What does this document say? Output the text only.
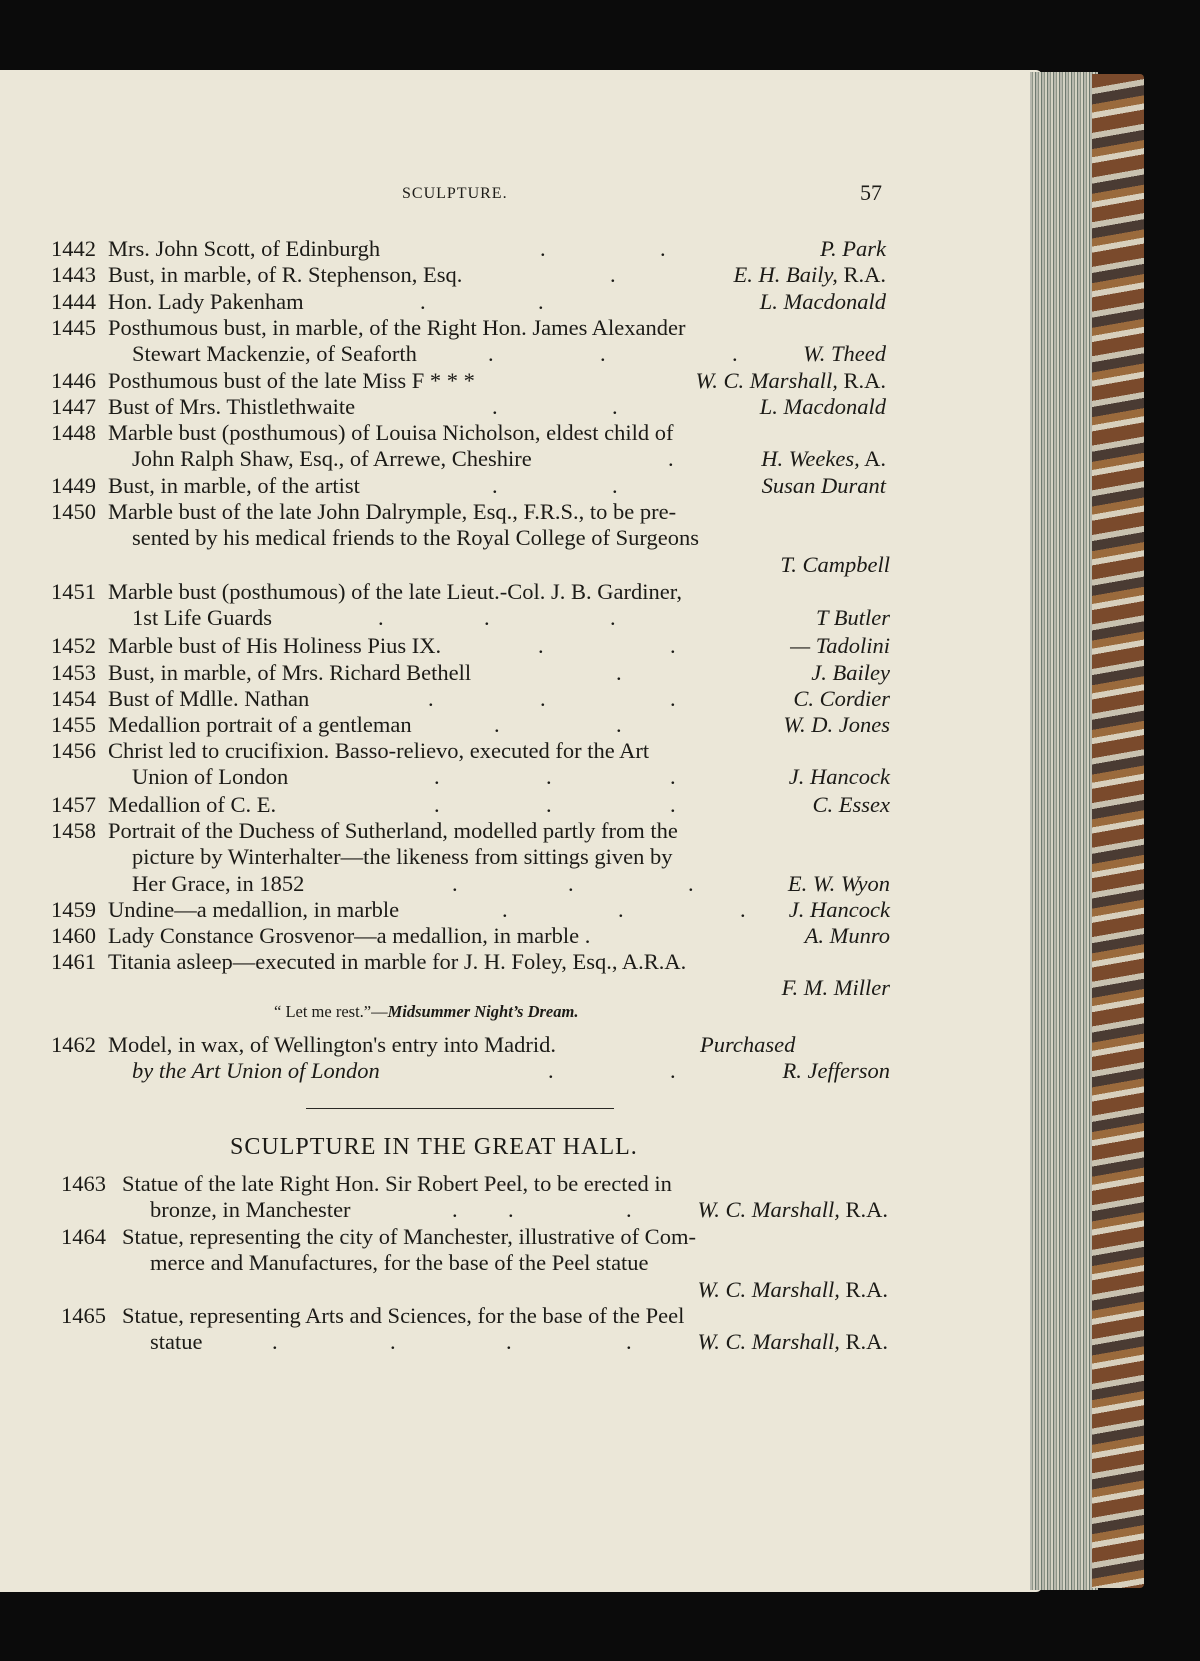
SCULPTURE.	57
1442 Mrs. John Scott, of Edinburgh	P. Park
.	.
1443 Bust, in marble, of R. Stephenson, Esq.	E. H. Baily, R.A.
.
1444 Hon. Lady Pakenham	L. Macdonald
.	.
1445 Posthumous bust, in marble, of the Right Hon. James Alexander
Stewart Mackenzie, of Seaforth	W. Theed
.	.	.
1446 Posthumous bust of the late Miss F * * *	W. C. Marshall, R.A.
1447 Bust of Mrs. Thistlethwaite	L. Macdonald
.	.
1448 Marble bust (posthumous) of Louisa Nicholson, eldest child of
John Ralph Shaw, Esq., of Arrewe, Cheshire	H. Weekes, A.
.
1449 Bust, in marble, of the artist	Susan Durant
.	.
1450 Marble bust of the late John Dalrymple, Esq., F.R.S., to be pre-
sented by his medical friends to the Royal College of Surgeons
T. Campbell
1451 Marble bust (posthumous) of the late Lieut.-Col. J. B. Gardiner,
1st Life Guards	T Butler
.	.	.
1452 Marble bust of His Holiness Pius IX.	— Tadolini
.	.
1453 Bust, in marble, of Mrs. Richard Bethell	J. Bailey
.
1454 Bust of Mdlle. Nathan	C. Cordier
.	.	.
1455 Medallion portrait of a gentleman	W. D. Jones
.	.
1456 Christ led to crucifixion. Basso-relievo, executed for the Art
Union of London	J. Hancock
.	.	.
1457 Medallion of C. E.	C. Essex
.	.	.
1458 Portrait of the Duchess of Sutherland, modelled partly from the
picture by Winterhalter—the likeness from sittings given by
Her Grace, in 1852	E. W. Wyon
.	.	.
1459 Undine—a medallion, in marble	J. Hancock
.	.	.
1460 Lady Constance Grosvenor—a medallion, in marble .	A. Munro
1461 Titania asleep—executed in marble for J. H. Foley, Esq., A.R.A.
F. M. Miller
1462 Model, in wax, of Wellington's entry into Madrid.	Purchased
by the Art Union of London	R. Jefferson
.	.
1463 Statue of the late Right Hon. Sir Robert Peel, to be erected in
bronze, in Manchester	W. C. Marshall, R.A.
. .	.
1464 Statue, representing the city of Manchester, illustrative of Com-
merce and Manufactures, for the base of the Peel statue
W. C. Marshall, R.A.
1465 Statue, representing Arts and Sciences, for the base of the Peel
statue	W. C. Marshall, R.A.
.	.	.	.
“ Let me rest.”—Midsummer Night’s Dream.
SCULPTURE IN THE GREAT HALL.
